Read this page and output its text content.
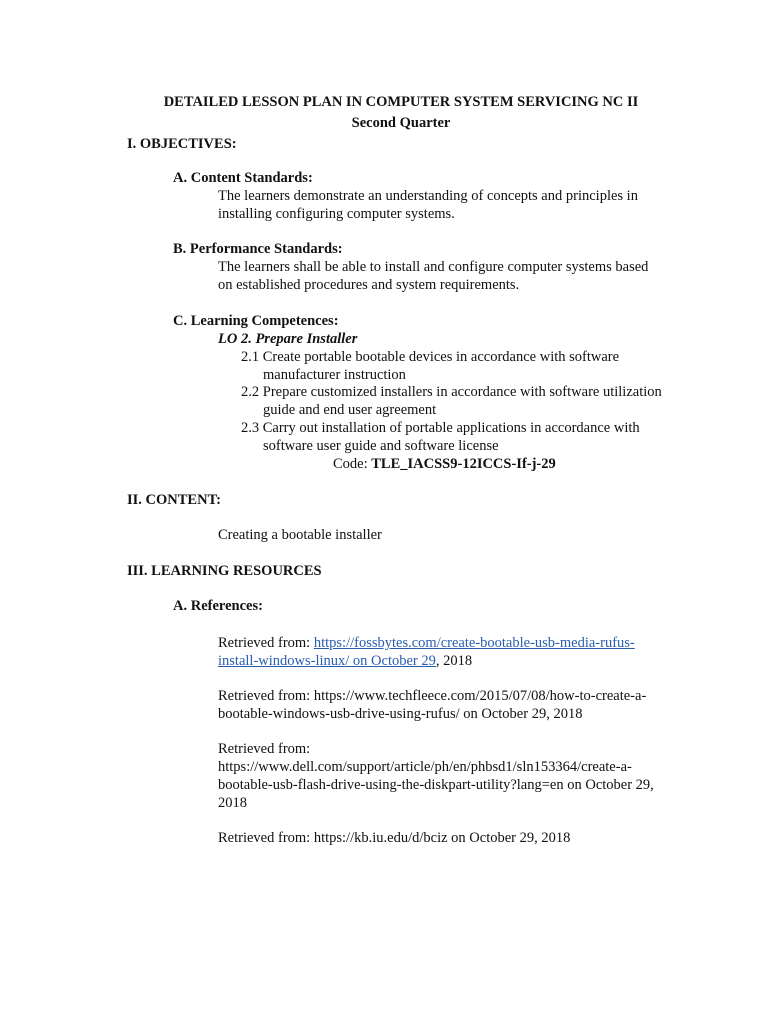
DETAILED LESSON PLAN IN COMPUTER SYSTEM SERVICING NC II
Second Quarter
I. OBJECTIVES:
A. Content Standards:
The learners demonstrate an understanding of concepts and principles in
installing configuring computer systems.
B. Performance Standards:
The learners shall be able to install and configure computer systems based
on established procedures and system requirements.
C. Learning Competences:
LO 2. Prepare Installer
2.1 Create portable bootable devices in accordance with software
manufacturer instruction
2.2 Prepare customized installers in accordance with software utilization
guide and end user agreement
2.3 Carry out installation of portable applications in accordance with
software user guide and software license
Code: TLE_IACSS9-12ICCS-If-j-29
II. CONTENT:
Creating a bootable installer
III. LEARNING RESOURCES
A. References:
Retrieved from: https://fossbytes.com/create-bootable-usb-media-rufus-
install-windows-linux/ on October 29, 2018
Retrieved from: https://www.techfleece.com/2015/07/08/how-to-create-a-
bootable-windows-usb-drive-using-rufus/ on October 29, 2018
Retrieved from:
https://www.dell.com/support/article/ph/en/phbsd1/sln153364/create-a-
bootable-usb-flash-drive-using-the-diskpart-utility?lang=en on October 29,
2018
Retrieved from: https://kb.iu.edu/d/bciz on October 29, 2018
